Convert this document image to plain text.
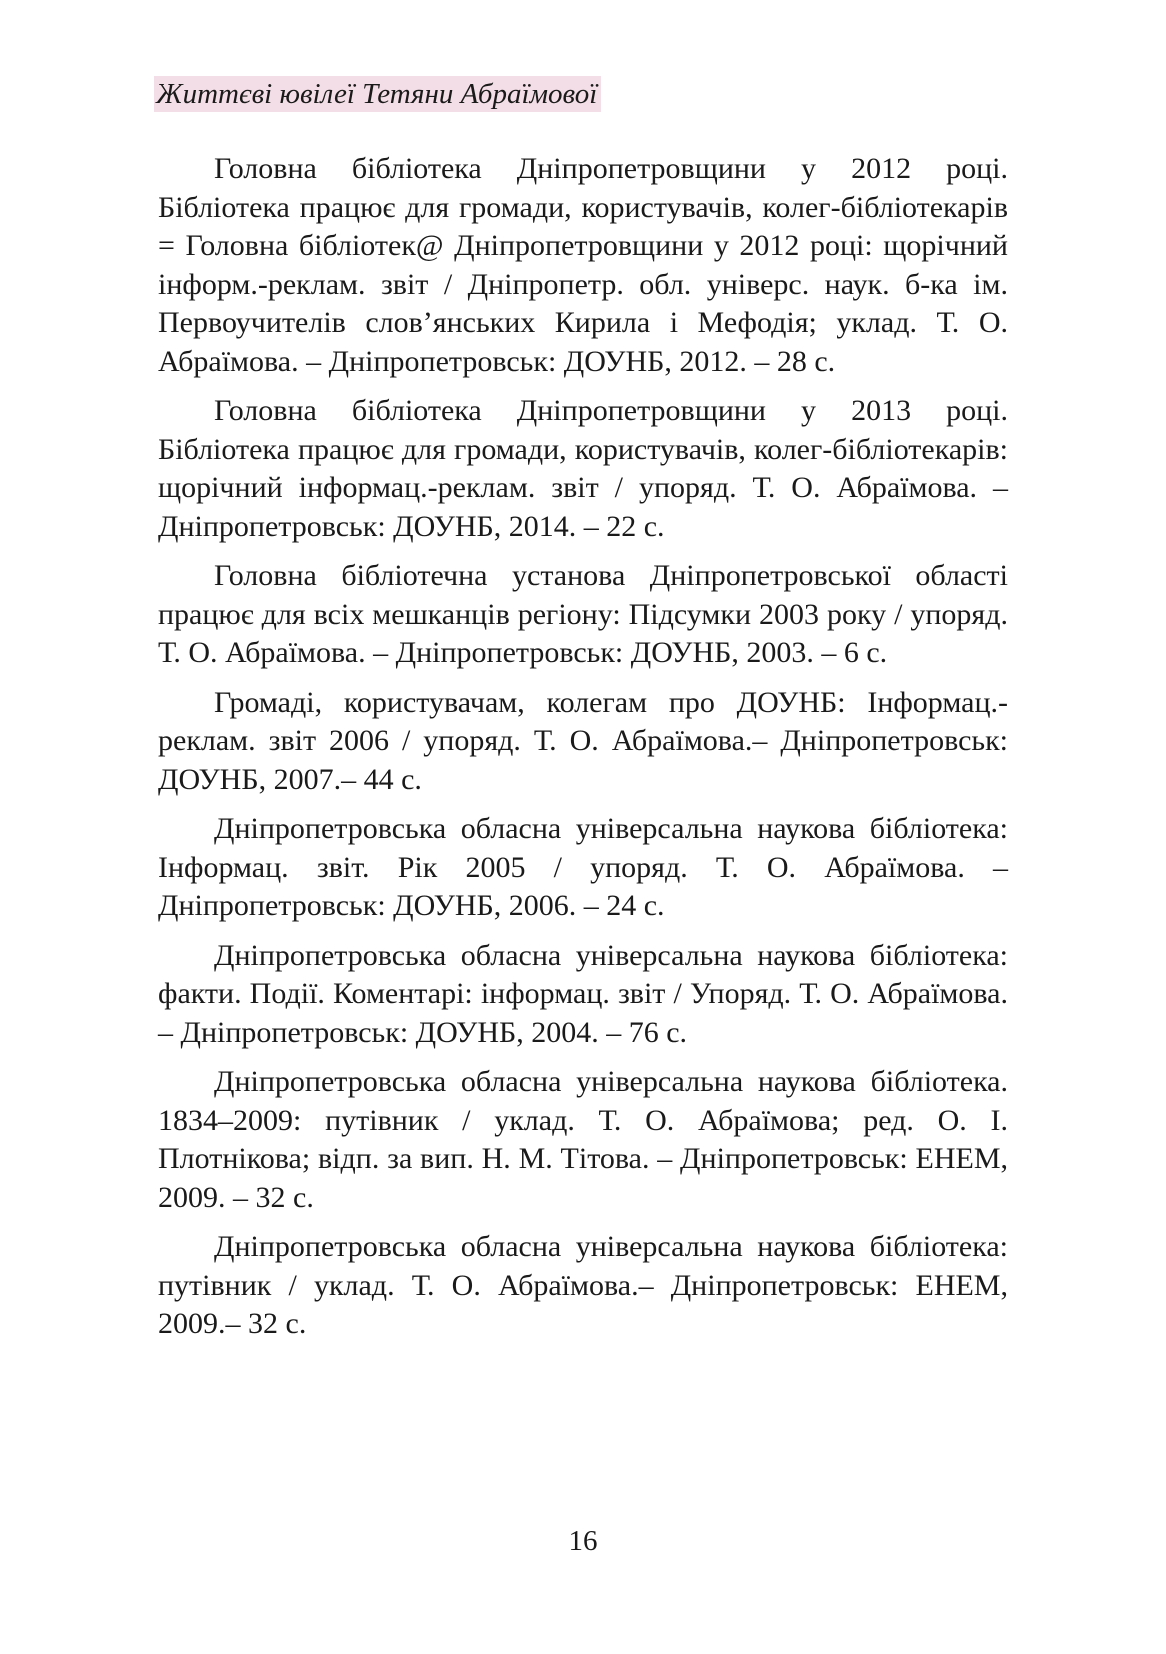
Життєві ювілеї Тетяни Абраїмової

Головна бібліотека Дніпропетровщини у 2012 році. Бібліотека працює для громади, користувачів, колег-бібліотекарів = Головна бібліотек@ Дніпропетровщини у 2012 році: щорічний інформ.-реклам. звіт / Дніпропетр. обл. універс. наук. б-ка ім. Первоучителів слов’янських Кирила і Мефодія; уклад. Т. О. Абраїмова. – Дніпропетровськ: ДОУНБ, 2012. – 28 с.

Головна бібліотека Дніпропетровщини у 2013 році. Бібліотека працює для громади, користувачів, колег-бібліотекарів: щорічний інформац.-реклам. звіт / упоряд. Т. О. Абраїмова. – Дніпропетровськ: ДОУНБ, 2014. – 22 с.

Головна бібліотечна установа Дніпропетровської області працює для всіх мешканців регіону: Підсумки 2003 року / упоряд. Т. О. Абраїмова. – Дніпропетровськ: ДОУНБ, 2003. – 6 с.

Громаді, користувачам, колегам про ДОУНБ: Інформац.-реклам. звіт 2006 / упоряд. Т. О. Абраїмова.– Дніпропетровськ: ДОУНБ, 2007.– 44 с.

Дніпропетровська обласна універсальна наукова бібліотека: Інформац. звіт. Рік 2005 / упоряд. Т. О. Абраїмова. – Дніпропетровськ: ДОУНБ, 2006. – 24 с.

Дніпропетровська обласна універсальна наукова бібліотека: факти. Події. Коментарі: інформац. звіт / Упоряд. Т. О. Абраїмова. – Дніпропетровськ: ДОУНБ, 2004. – 76 с.

Дніпропетровська обласна універсальна наукова бібліотека. 1834–2009: путівник / уклад. Т. О. Абраїмова; ред. О. І. Плотнікова; відп. за вип. Н. М. Тітова. – Дніпропетровськ: ЕНЕМ, 2009. – 32 с.

Дніпропетровська обласна універсальна наукова бібліотека: путівник / уклад. Т. О. Абраїмова.– Дніпропетровськ: ЕНЕМ, 2009.– 32 с.

16
